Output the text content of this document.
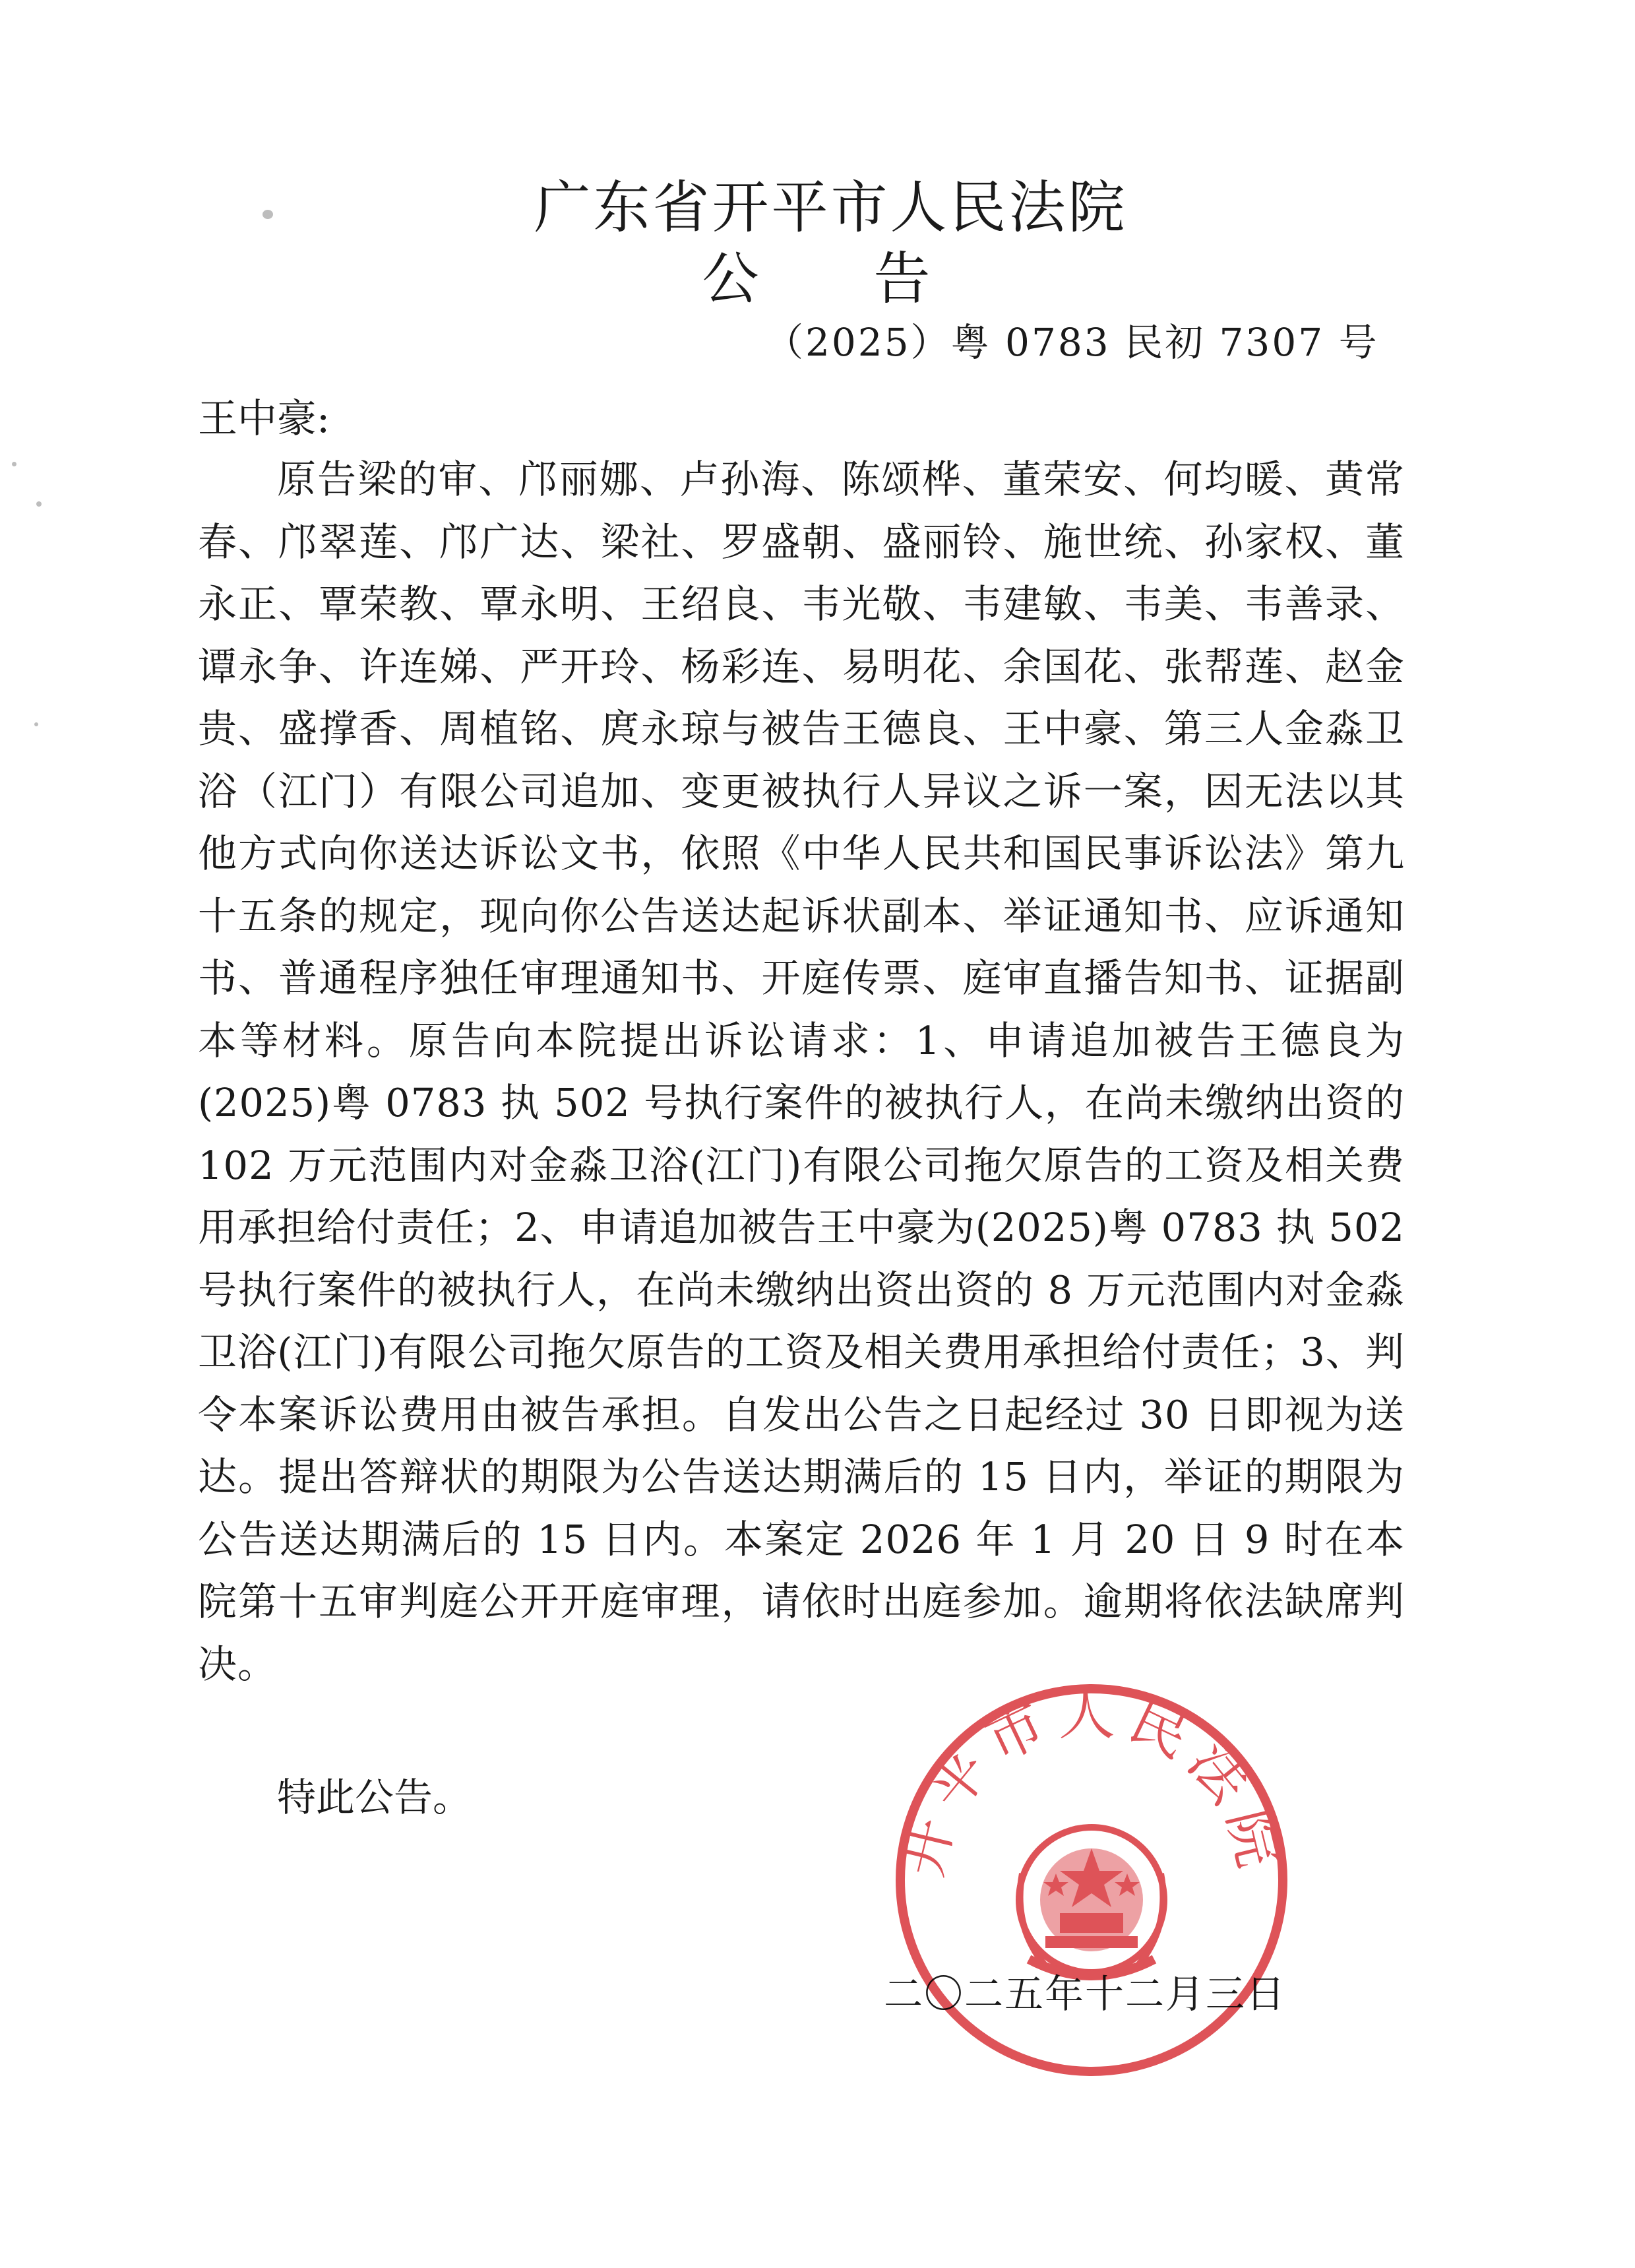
广东省开平市人民法院
公 告
（2025）粤 0783 民初 7307 号
王中豪:

原告梁的审、邝丽娜、卢孙海、陈颂桦、董荣安、何均暖、黄常春、邝翠莲、邝广达、梁社、罗盛朝、盛丽铃、施世统、孙家权、董永正、覃荣教、覃永明、王绍良、韦光敬、韦建敏、韦美、韦善录、谭永争、许连娣、严开玲、杨彩连、易明花、余国花、张帮莲、赵金贵、盛撑香、周植铭、庹永琼与被告王德良、王中豪、第三人金淼卫浴（江门）有限公司追加、变更被执行人异议之诉一案，因无法以其他方式向你送达诉讼文书，依照《中华人民共和国民事诉讼法》第九十五条的规定，现向你公告送达起诉状副本、举证通知书、应诉通知书、普通程序独任审理通知书、开庭传票、庭审直播告知书、证据副本等材料。原告向本院提出诉讼请求：1、申请追加被告王德良为(2025)粤 0783 执 502 号执行案件的被执行人，在尚未缴纳出资的 102 万元范围内对金淼卫浴(江门)有限公司拖欠原告的工资及相关费用承担给付责任；2、申请追加被告王中豪为(2025)粤 0783 执 502 号执行案件的被执行人，在尚未缴纳出资出资的 8 万元范围内对金淼卫浴(江门)有限公司拖欠原告的工资及相关费用承担给付责任；3、判令本案诉讼费用由被告承担。自发出公告之日起经过 30 日即视为送达。提出答辩状的期限为公告送达期满后的 15 日内，举证的期限为公告送达期满后的 15 日内。本案定 2026 年 1 月 20 日 9 时在本院第十五审判庭公开开庭审理，请依时出庭参加。逾期将依法缺席判决。

特此公告。
二〇二五年十二月三日
开平市人民法院
